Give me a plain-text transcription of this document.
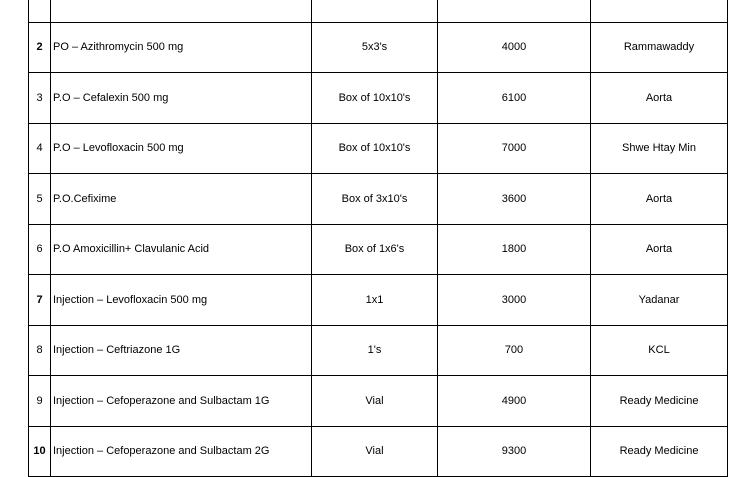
2	PO – Azithromycin 500 mg	5x3's	4000	Rammawaddy
3	P.O – Cefalexin 500 mg	Box of 10x10's	6100	Aorta
4	P.O – Levofloxacin 500 mg	Box of 10x10's	7000	Shwe Htay Min
5	P.O.Cefixime	Box of 3x10's	3600	Aorta
6	P.O Amoxicillin+ Clavulanic Acid	Box of 1x6's	1800	Aorta
7	Injection – Levofloxacin 500 mg	1x1	3000	Yadanar
8	Injection – Ceftriazone 1G	1's	700	KCL
9	Injection – Cefoperazone and Sulbactam 1G	Vial	4900	Ready Medicine
10	Injection – Cefoperazone and Sulbactam 2G	Vial	9300	Ready Medicine
